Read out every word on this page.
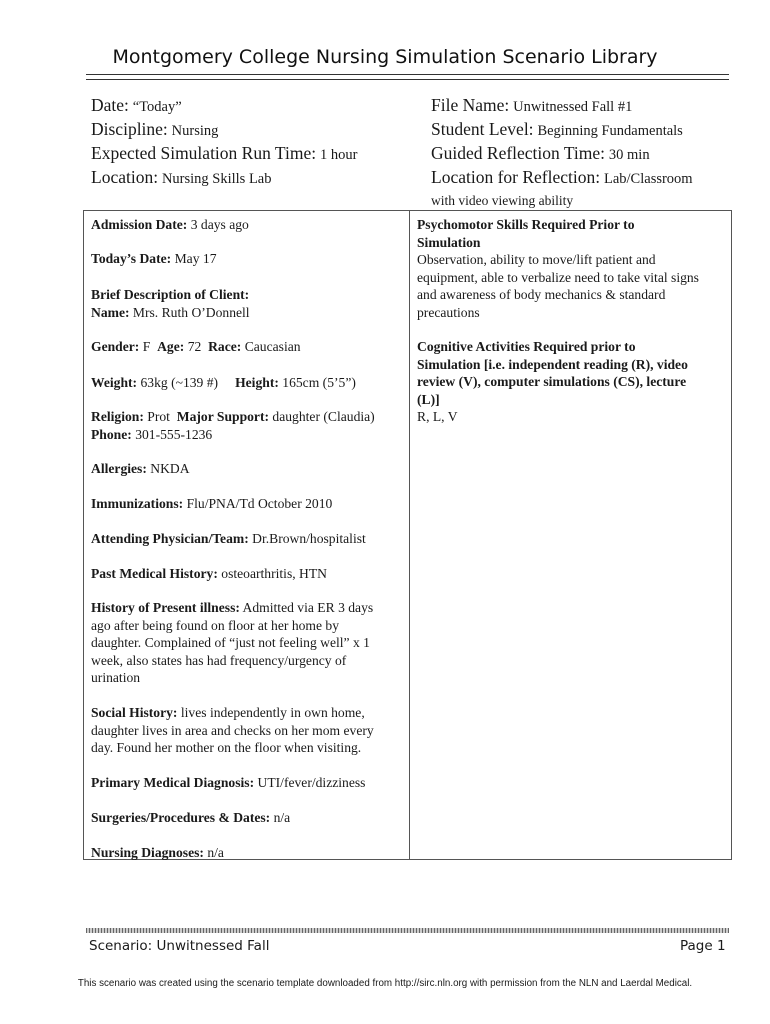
Montgomery College Nursing Simulation Scenario Library
Date: “Today”
Discipline: Nursing
Expected Simulation Run Time: 1 hour
Location: Nursing Skills Lab
File Name: Unwitnessed Fall #1
Student Level: Beginning Fundamentals
Guided Reflection Time: 30 min
Location for Reflection: Lab/Classroom
with video viewing ability
Admission Date: 3 days ago
Today’s Date: May 17
Brief Description of Client:
Name: Mrs. Ruth O’Donnell
Gender: F Age: 72 Race: Caucasian
Weight: 63kg (~139 #) Height: 165cm (5’5”)
Religion: Prot Major Support: daughter (Claudia)
Phone: 301-555-1236
Allergies: NKDA
Immunizations: Flu/PNA/Td October 2010
Attending Physician/Team: Dr.Brown/hospitalist
Past Medical History: osteoarthritis, HTN
History of Present illness: Admitted via ER 3 days
ago after being found on floor at her home by
daughter. Complained of “just not feeling well” x 1
week, also states has had frequency/urgency of
urination
Social History: lives independently in own home,
daughter lives in area and checks on her mom every
day. Found her mother on the floor when visiting.
Primary Medical Diagnosis: UTI/fever/dizziness
Surgeries/Procedures & Dates: n/a
Nursing Diagnoses: n/a
Psychomotor Skills Required Prior to
Simulation
Observation, ability to move/lift patient and
equipment, able to verbalize need to take vital signs
and awareness of body mechanics & standard
precautions
Cognitive Activities Required prior to
Simulation [i.e. independent reading (R), video
review (V), computer simulations (CS), lecture
(L)]
R, L, V
Scenario: Unwitnessed Fall	Page 1
This scenario was created using the scenario template downloaded from http://sirc.nln.org with permission from the NLN and Laerdal Medical.
